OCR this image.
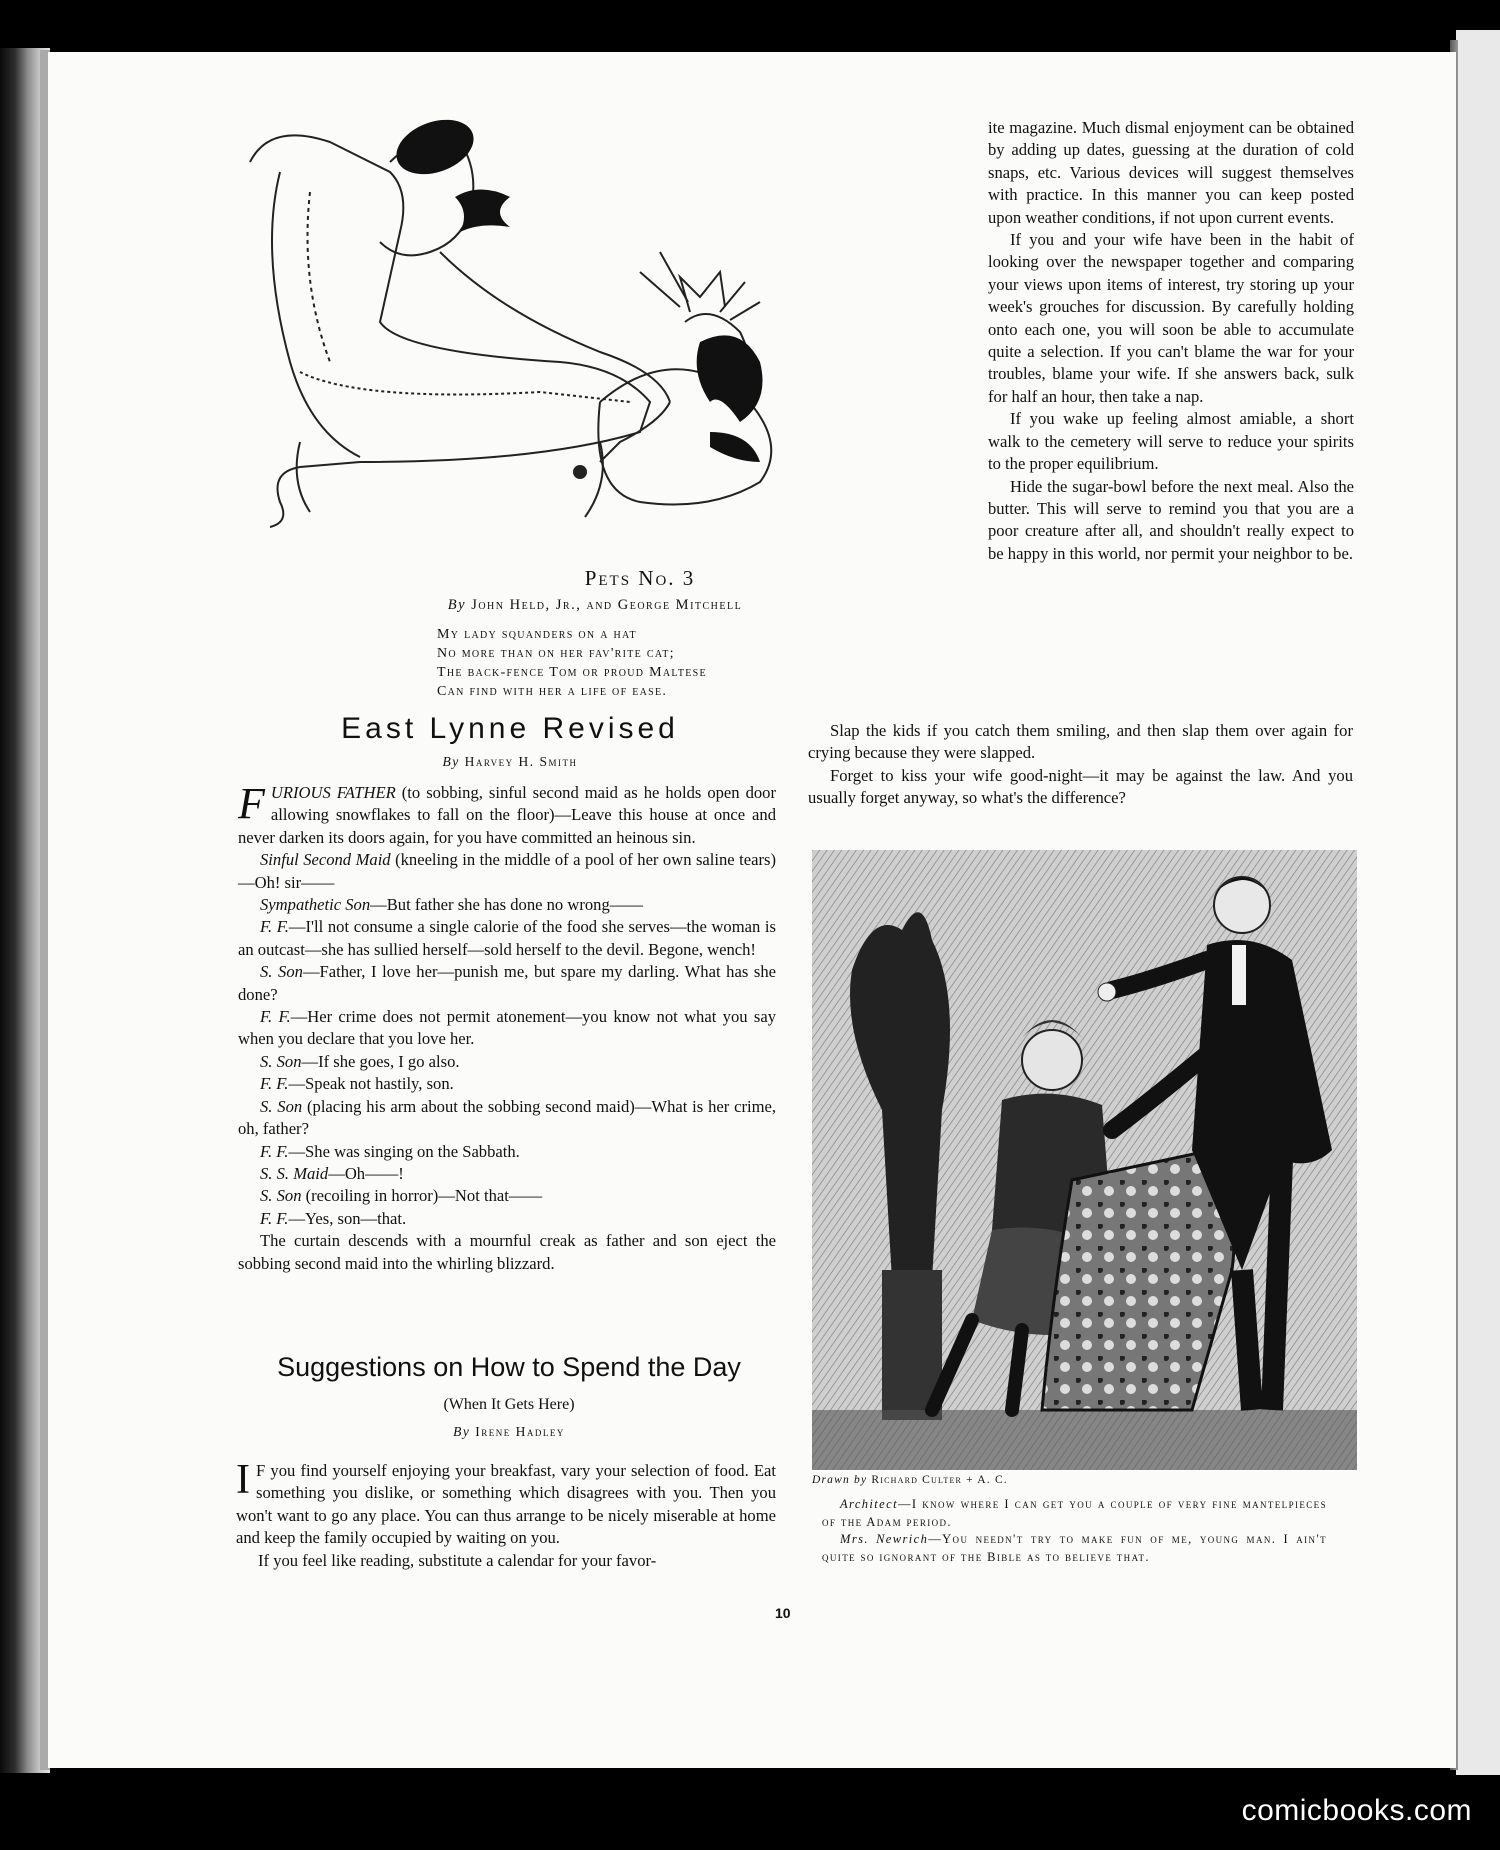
Pets No. 3
By John Held, Jr., and George Mitchell
My lady squanders on a hat
No more than on her fav'rite cat;
The back-fence Tom or proud Maltese
Can find with her a life of ease.
East Lynne Revised
By Harvey H. Smith

FURIOUS FATHER (to sobbing, sinful second maid as he holds open door allowing snowflakes to fall on the floor)—Leave this house at once and never darken its doors again, for you have committed an heinous sin.

Sinful Second Maid (kneeling in the middle of a pool of her own saline tears)—Oh! sir——

Sympathetic Son—But father she has done no wrong——

F. F.—I'll not consume a single calorie of the food she serves—the woman is an outcast—she has sullied herself—sold herself to the devil. Begone, wench!

S. Son—Father, I love her—punish me, but spare my darling. What has she done?

F. F.—Her crime does not permit atonement—you know not what you say when you declare that you love her.

S. Son—If she goes, I go also.

F. F.—Speak not hastily, son.

S. Son (placing his arm about the sobbing second maid)—What is her crime, oh, father?

F. F.—She was singing on the Sabbath.

S. S. Maid—Oh——!

S. Son (recoiling in horror)—Not that——

F. F.—Yes, son—that.

The curtain descends with a mournful creak as father and son eject the sobbing second maid into the whirling blizzard.

Suggestions on How to Spend the Day
(When It Gets Here)
By Irene Hadley

I F you find yourself enjoying your breakfast, vary your selection of food. Eat something you dislike, or something which disagrees with you. Then you won't want to go any place. You can thus arrange to be nicely miserable at home and keep the family occupied by waiting on you.

If you feel like reading, substitute a calendar for your favor-

ite magazine. Much dismal enjoyment can be obtained by adding up dates, guessing at the duration of cold snaps, etc. Various devices will suggest themselves with practice. In this manner you can keep posted upon weather conditions, if not upon current events.

If you and your wife have been in the habit of looking over the newspaper together and comparing your views upon items of interest, try storing up your week's grouches for discussion. By carefully holding onto each one, you will soon be able to accumulate quite a selection. If you can't blame the war for your troubles, blame your wife. If she answers back, sulk for half an hour, then take a nap.

If you wake up feeling almost amiable, a short walk to the cemetery will serve to reduce your spirits to the proper equilibrium.

Hide the sugar-bowl before the next meal. Also the butter. This will serve to remind you that you are a poor creature after all, and shouldn't really expect to be happy in this world, nor permit your neighbor to be.

Slap the kids if you catch them smiling, and then slap them over again for crying because they were slapped.

Forget to kiss your wife good-night—it may be against the law. And you usually forget anyway, so what's the difference?

Drawn by Richard Culter + A. C.

Architect—I know where I can get you a couple of very fine mantelpieces of the Adam period.

Mrs. Newrich—You needn't try to make fun of me, young man. I ain't quite so ignorant of the Bible as to believe that.

10
comicbooks.com
